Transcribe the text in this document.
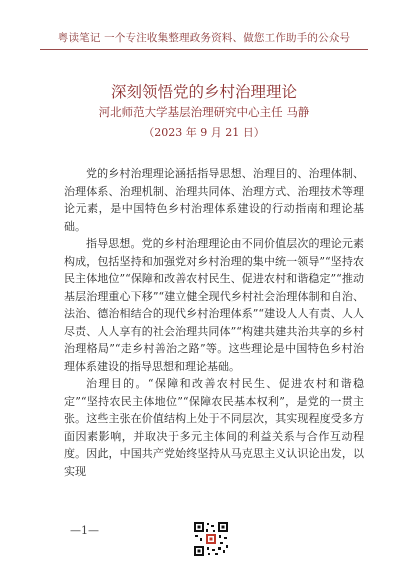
粤读笔记 一个专注收集整理政务资料、做您工作助手的公众号
深刻领悟党的乡村治理理论
河北师范大学基层治理研究中心主任 马静
（2023 年 9 月 21 日）

党的乡村治理理论涵括指导思想、治理目的、治理体制、治理体系、治理机制、治理共同体、治理方式、治理技术等理论元素，是中国特色乡村治理体系建设的行动指南和理论基础。

指导思想。党的乡村治理理论由不同价值层次的理论元素构成，包括坚持和加强党对乡村治理的集中统一领导”“坚持农民主体地位”“保障和改善农村民生、促进农村和谐稳定”“推动基层治理重心下移”“建立健全现代乡村社会治理体制和自治、法治、德治相结合的现代乡村治理体系”“建设人人有责、人人尽责、人人享有的社会治理共同体”“构建共建共治共享的乡村治理格局”“走乡村善治之路”等。这些理论是中国特色乡村治理体系建设的指导思想和理论基础。

治理目的。“保障和改善农村民生、促进农村和谐稳定”“坚持农民主体地位”“保障农民基本权利”，是党的一贯主张。这些主张在价值结构上处于不同层次，其实现程度受多方面因素影响，并取决于多元主体间的利益关系与合作互动程度。因此，中国共产党始终坚持从马克思主义认识论出发，以实现

—1—
